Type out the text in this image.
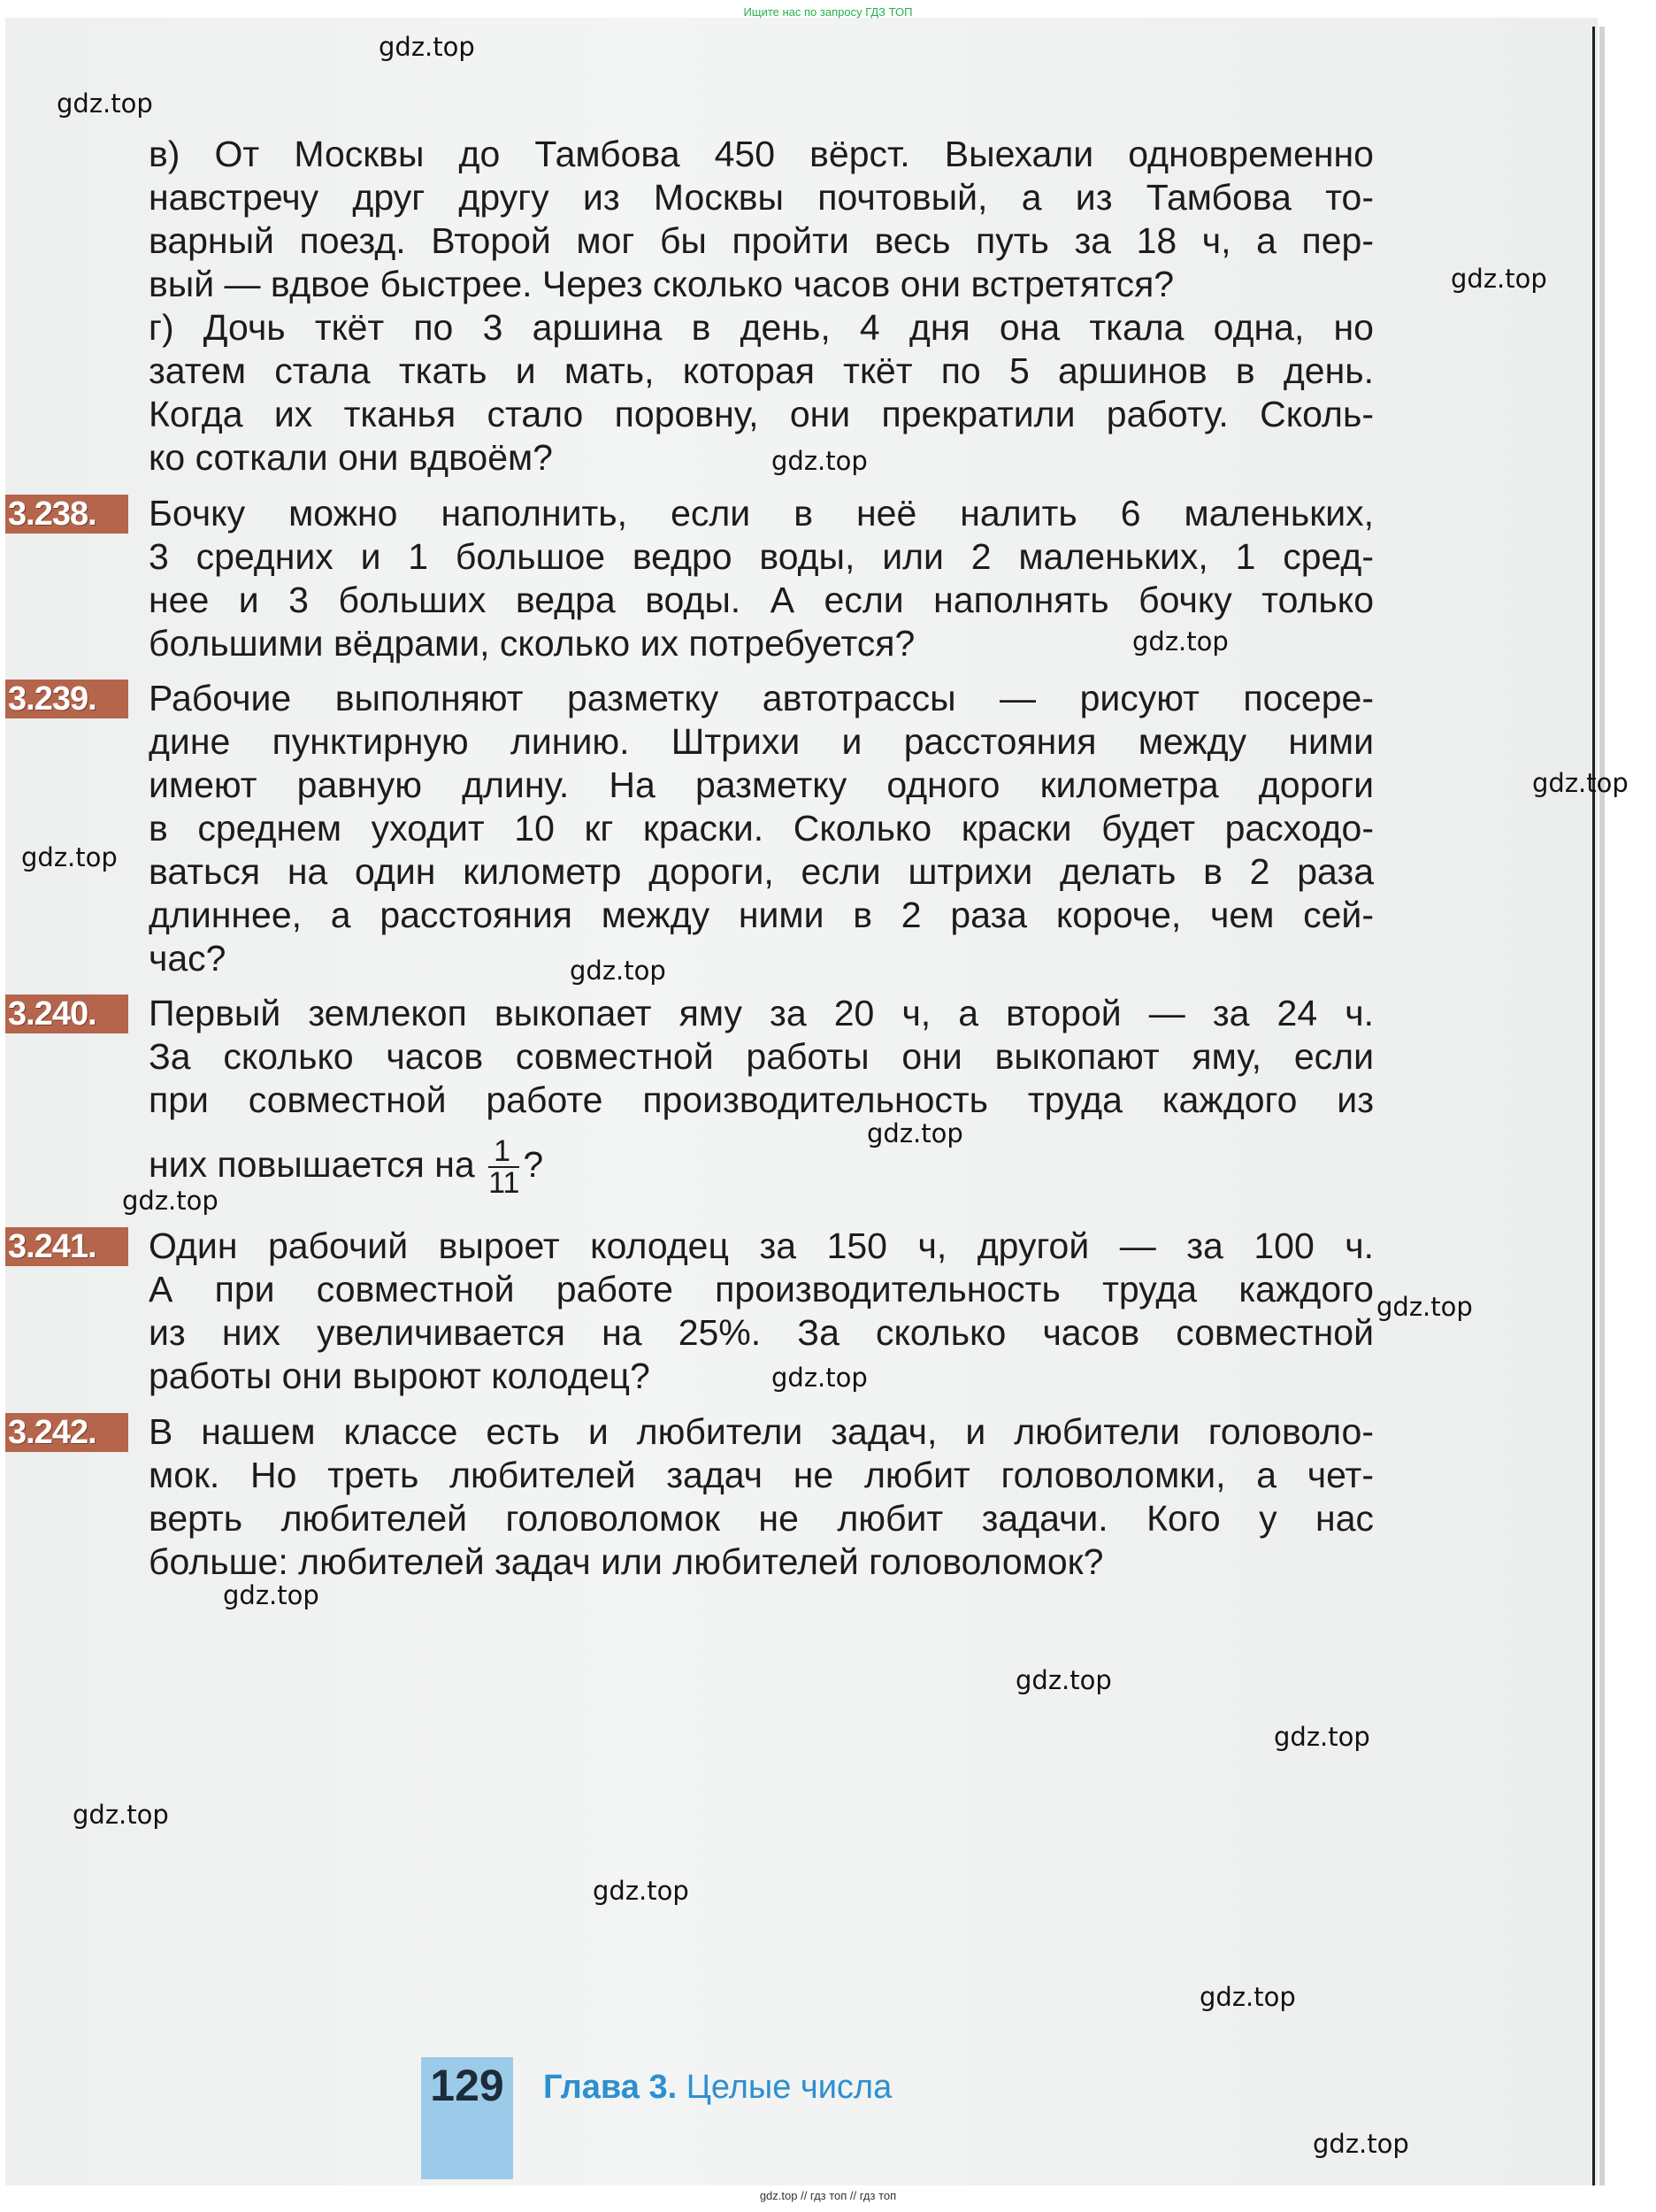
Ищите нас по запросу ГДЗ ТОП
в) От Москвы до Тамбова 450 вёрст. Выехали одновременно
навстречу друг другу из Москвы почтовый, а из Тамбова то-
варный поезд. Второй мог бы пройти весь путь за 18 ч, а пер-
вый — вдвое быстрее. Через сколько часов они встретятся?
г) Дочь ткёт по 3 аршина в день, 4 дня она ткала одна, но
затем стала ткать и мать, которая ткёт по 5 аршинов в день.
Когда их тканья стало поровну, они прекратили работу. Сколь-
ко соткали они вдвоём?
3.238.	Бочку можно наполнить, если в неё налить 6 маленьких,
3 средних и 1 большое ведро воды, или 2 маленьких, 1 сред-
нее и 3 больших ведра воды. А если наполнять бочку только
большими вёдрами, сколько их потребуется?
3.239.	Рабочие выполняют разметку автотрассы — рисуют посере-
дине пунктирную линию. Штрихи и расстояния между ними
имеют равную длину. На разметку одного километра дороги
в среднем уходит 10 кг краски. Сколько краски будет расходо-
ваться на один километр дороги, если штрихи делать в 2 раза
длиннее, а расстояния между ними в 2 раза короче, чем сей-
час?
3.240.	Первый землекоп выкопает яму за 20 ч, а второй — за 24 ч.
За сколько часов совместной работы они выкопают яму, если
при совместной работе производительность труда каждого из
них повышается на $\frac{1}{11}$ ?
3.241.	Один рабочий выроет колодец за 150 ч, другой — за 100 ч.
А при совместной работе производительность труда каждого
из них увеличивается на 25%. За сколько часов совместной
работы они выроют колодец?
3.242.	В нашем классе есть и любители задач, и любители головоло-
мок. Но треть любителей задач не любит головоломки, а чет-
верть любителей головоломок не любит задачи. Кого у нас
больше: любителей задач или любителей головоломок?
gdz.top
gdz.top
gdz.top
gdz.top
gdz.top
gdz.top
gdz.top
gdz.top
gdz.top
gdz.top
gdz.top
gdz.top
gdz.top
gdz.top
gdz.top
gdz.top
gdz.top
gdz.top
gdz.top
129 Глава 3. Целые числа
gdz.top // гдз топ // гдз топ
